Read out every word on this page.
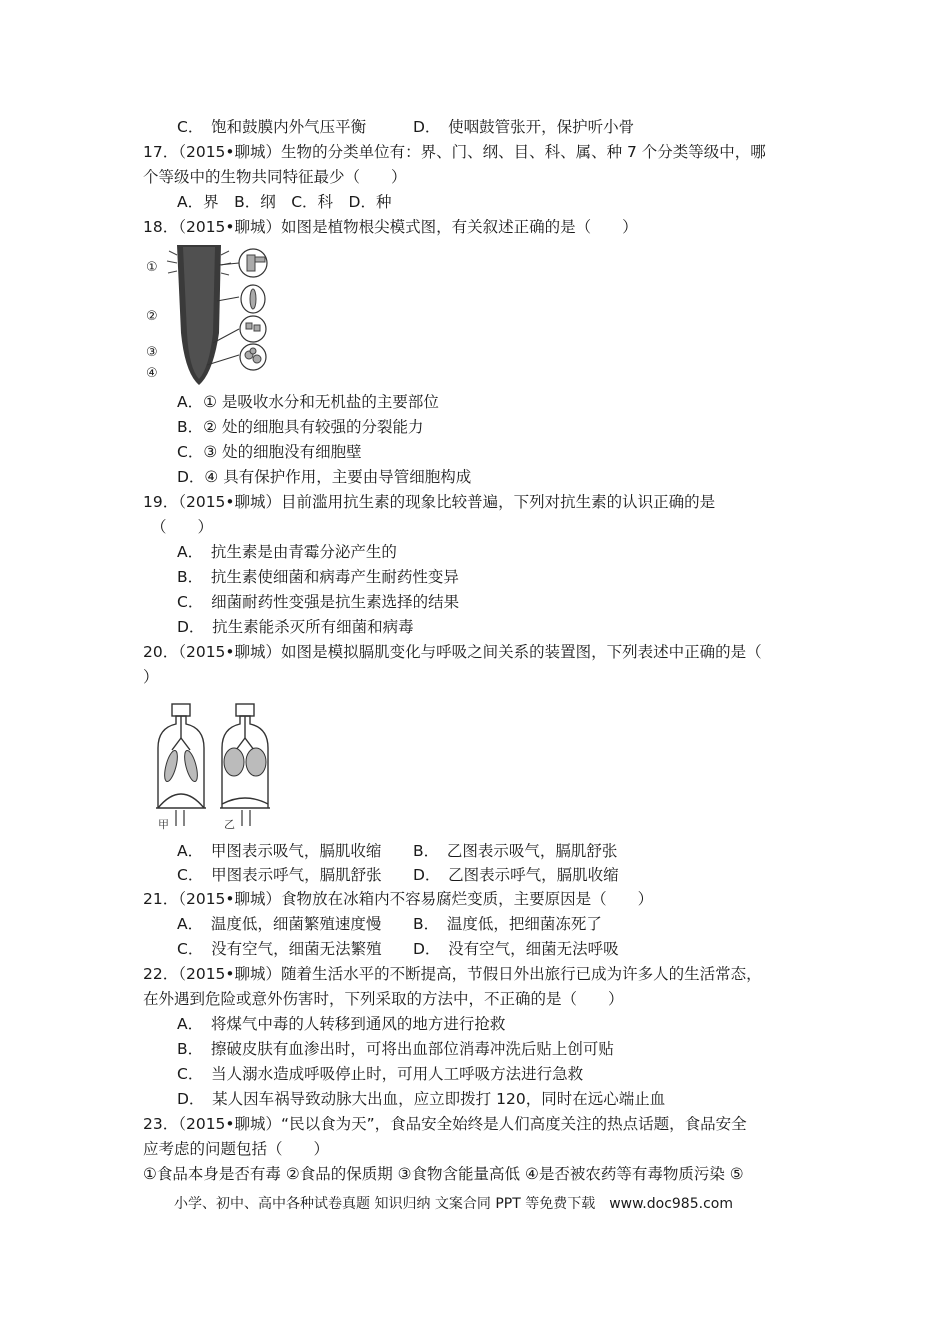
C．　饱和鼓膜内外气压平衡	D．　使咽鼓管张开，保护听小骨
17．（2015•聊城）生物的分类单位有：界、门、纲、目、科、属、种 7 个分类等级中，哪
个等级中的生物共同特征最少（　　）
A．界　B．纲　C．科　D．种
18．（2015•聊城）如图是植物根尖模式图，有关叙述正确的是（　　）
①
②
③
④
A．① 是吸收水分和无机盐的主要部位
B．② 处的细胞具有较强的分裂能力
C．③ 处的细胞没有细胞壁
D．④ 具有保护作用，主要由导管细胞构成
19．（2015•聊城）目前滥用抗生素的现象比较普遍，下列对抗生素的认识正确的是
（　　）
A．　抗生素是由青霉分泌产生的
B．　抗生素使细菌和病毒产生耐药性变异
C．　细菌耐药性变强是抗生素选择的结果
D．　抗生素能杀灭所有细菌和病毒
20．（2015•聊城）如图是模拟膈肌变化与呼吸之间关系的装置图，下列表述中正确的是（
）
甲	乙
A．　甲图表示吸气，膈肌收缩 B．　乙图表示吸气，膈肌舒张
C．　甲图表示呼气，膈肌舒张 D．　乙图表示呼气，膈肌收缩
21．（2015•聊城）食物放在冰箱内不容易腐烂变质，主要原因是（　　）
A．　温度低，细菌繁殖速度慢 B．　温度低，把细菌冻死了
C．　没有空气，细菌无法繁殖 D．　没有空气，细菌无法呼吸
22．（2015•聊城）随着生活水平的不断提高，节假日外出旅行已成为许多人的生活常态，
在外遇到危险或意外伤害时，下列采取的方法中，不正确的是（　　）
A．　将煤气中毒的人转移到通风的地方进行抢救
B．　擦破皮肤有血渗出时，可将出血部位消毒冲洗后贴上创可贴
C．　当人溺水造成呼吸停止时，可用人工呼吸方法进行急救
D．　某人因车祸导致动脉大出血，应立即拨打 120，同时在远心端止血
23．（2015•聊城）“民以食为天”，食品安全始终是人们高度关注的热点话题，食品安全
应考虑的问题包括（　　）
①食品本身是否有毒 ②食品的保质期 ③食物含能量高低 ④是否被农药等有毒物质污染 ⑤
小学、初中、高中各种试卷真题 知识归纳 文案合同 PPT 等免费下载　www.doc985.com
